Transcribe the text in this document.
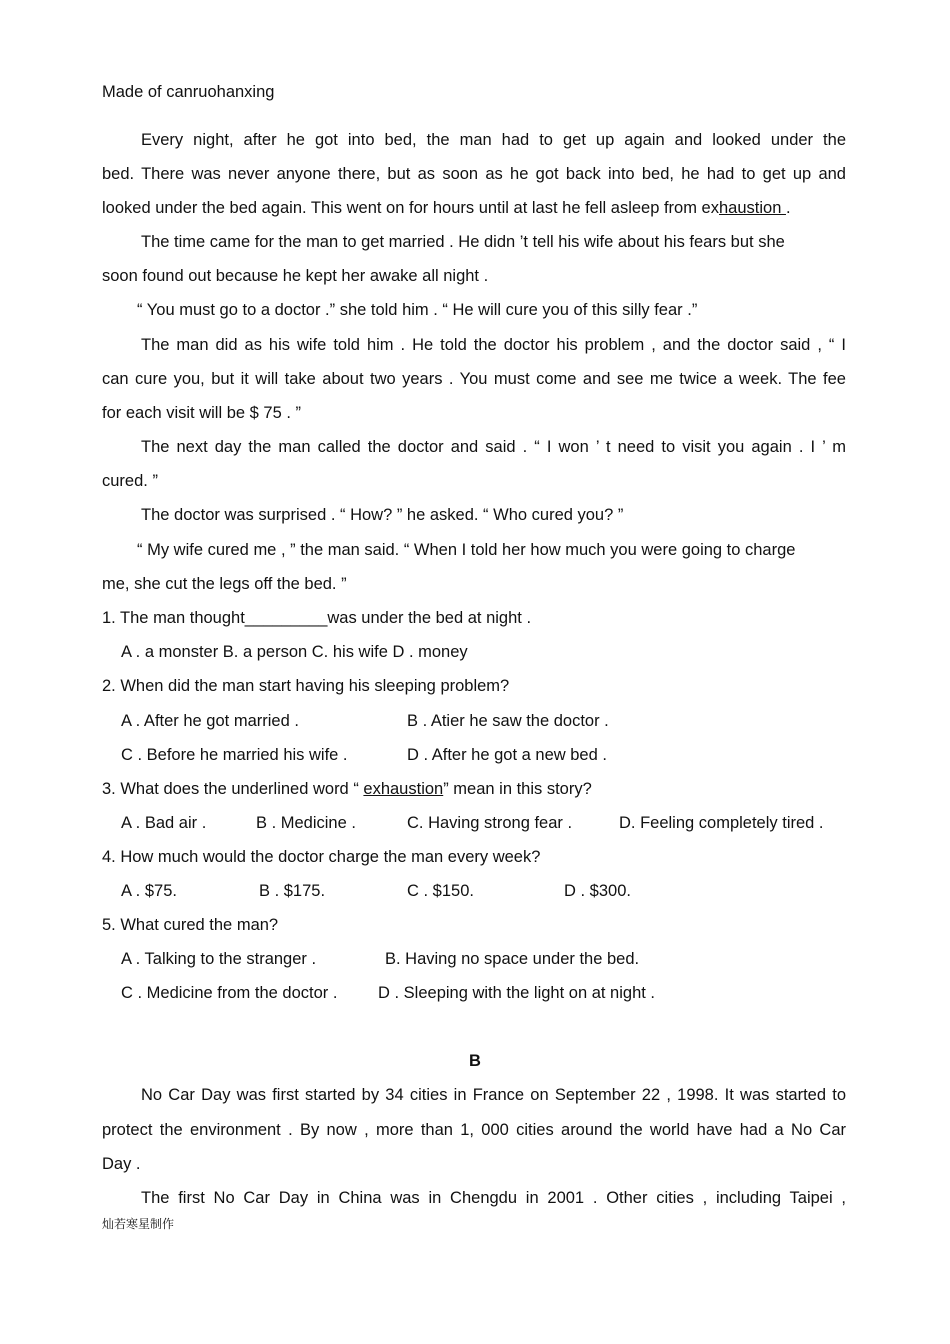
Made of canruohanxing
Every night, after he got into bed, the man had to get up again and looked under the
bed. There was never anyone there, but as soon as he got back into bed, he had to get up and
looked under the bed again. This went on for hours until at last he fell asleep from exhaustion .
The time came for the man to get married . He didn ’t tell his wife about his fears but she
soon found out because he kept her awake all night .
“ You must go to a doctor .” she told him . “ He will cure you of this silly fear .”
The man did as his wife told him . He told the doctor his problem , and the doctor said , “ I
can cure you, but it will take about two years . You must come and see me twice a week. The fee
for each visit will be $ 75 . ”
The next day the man called the doctor and said . “ I won ’ t need to visit you again . I ’ m
cured. ”
The doctor was surprised . “ How? ” he asked. “ Who cured you? ”
“ My wife cured me , ” the man said. “ When I told her how much you were going to charge
me, she cut the legs off the bed. ”
1. The man thought_________was under the bed at night .
A . a monster B. a person C. his wife D . money
2. When did the man start having his sleeping problem?
A . After he got married .	B . Atier he saw the doctor .
C . Before he married his wife .	D . After he got a new bed .
3. What does the underlined word “ exhaustion” mean in this story?
A . Bad air .	B . Medicine .	C. Having strong fear .	D. Feeling completely tired .
4. How much would the doctor charge the man every week?
A . $75.	B . $175.	C . $150.	D . $300.
5. What cured the man?
A . Talking to the stranger .	B. Having no space under the bed.
C . Medicine from the doctor . D . Sleeping with the light on at night .
B
No Car Day was first started by 34 cities in France on September 22 , 1998. It was started to
protect the environment . By now , more than 1, 000 cities around the world have had a No Car
Day .
The first No Car Day in China was in Chengdu in 2001 . Other cities , including Taipei ,
灿若寒星制作
